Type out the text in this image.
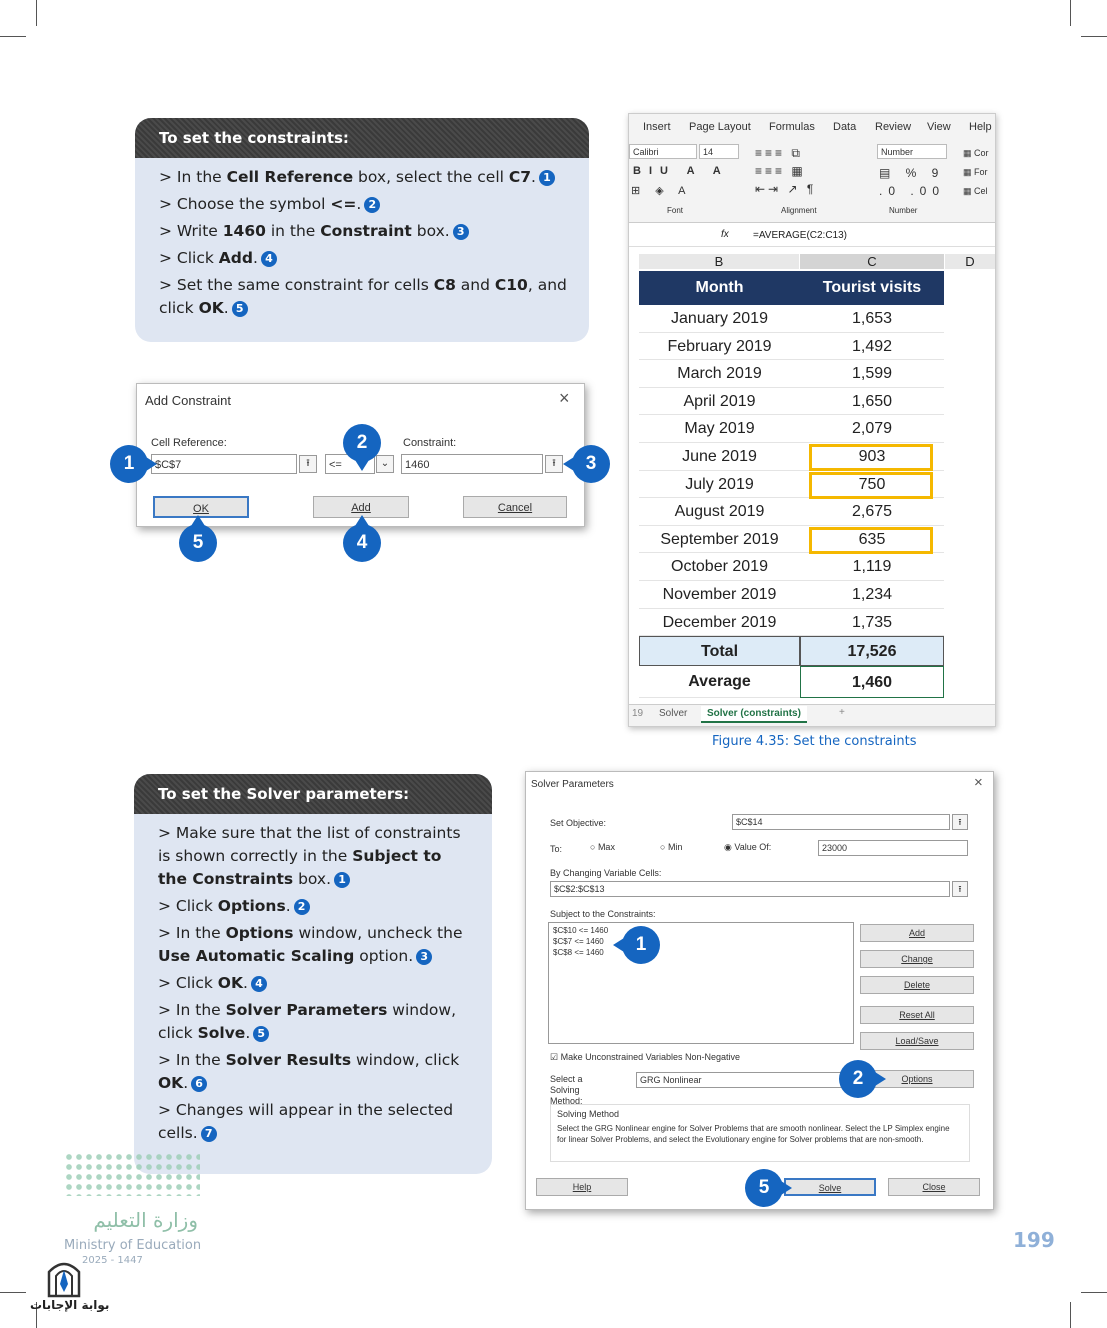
To set the constraints:
> In the Cell Reference box, select the cell C7. 1
> Choose the symbol <=. 2
> Write 1460 in the Constraint box. 3
> Click Add. 4
> Set the same constraint for cells C8 and C10, and click OK. 5
Add Constraint	×
Cell Reference:
$C$7	⭱	<=	⌄
Constraint:
1460	⭱
OK	Add	Cancel
1
2
3
4
5
Insert Page Layout Formulas Data Review View Help
Calibri	14
BIU A A
⊞ ◈ A
≡≡≡ ⧉
≡≡≡ ▦
⇤⇥ ↗ ¶
Number
▤ % 9
.0 .00
▦ Cor
▦ For
▦ Cel
Font	Alignment	Number
fx =AVERAGE(C2:C13)
B	C	D
Month	Tourist visits
January 2019	1,653
February 2019	1,492
March 2019	1,599
April 2019	1,650
May 2019	2,079
June 2019	903
July 2019	750
August 2019	2,675
September 2019	635
October 2019	1,119
November 2019	1,234
December 2019	1,735
Total	17,526
Average	1,460
19 Solver	Solver (constraints)	+
Figure 4.35: Set the constraints
To set the Solver parameters:
> Make sure that the list of constraints is shown correctly in the Subject to the Constraints box. 1
> Click Options. 2
> In the Options window, uncheck the Use Automatic Scaling option. 3
> Click OK. 4
> In the Solver Parameters window, click Solve. 5
> In the Solver Results window, click OK. 6
> Changes will appear in the selected cells. 7
Solver Parameters	×
Set Objective:	$C$14	⭱
To:	○ Max	○ Min	◉ Value Of:	23000
By Changing Variable Cells:
$C$2:$C$13	⭱
Subject to the Constraints:
$C$10 <= 1460
$C$7 <= 1460
$C$8 <= 1460
Add
Change
Delete
Reset All
Load/Save
☑ Make Unconstrained Variables Non-Negative
Select a Solving Method:
GRG Nonlinear	Options
Solving Method
Select the GRG Nonlinear engine for Solver Problems that are smooth nonlinear. Select the LP Simplex engine for linear Solver Problems, and select the Evolutionary engine for Solver problems that are non-smooth.
Help	Solve	Close
1
2
5
وزارة التعليم
Ministry of Education
2025 - 1447
بوابة الإجابات
199
